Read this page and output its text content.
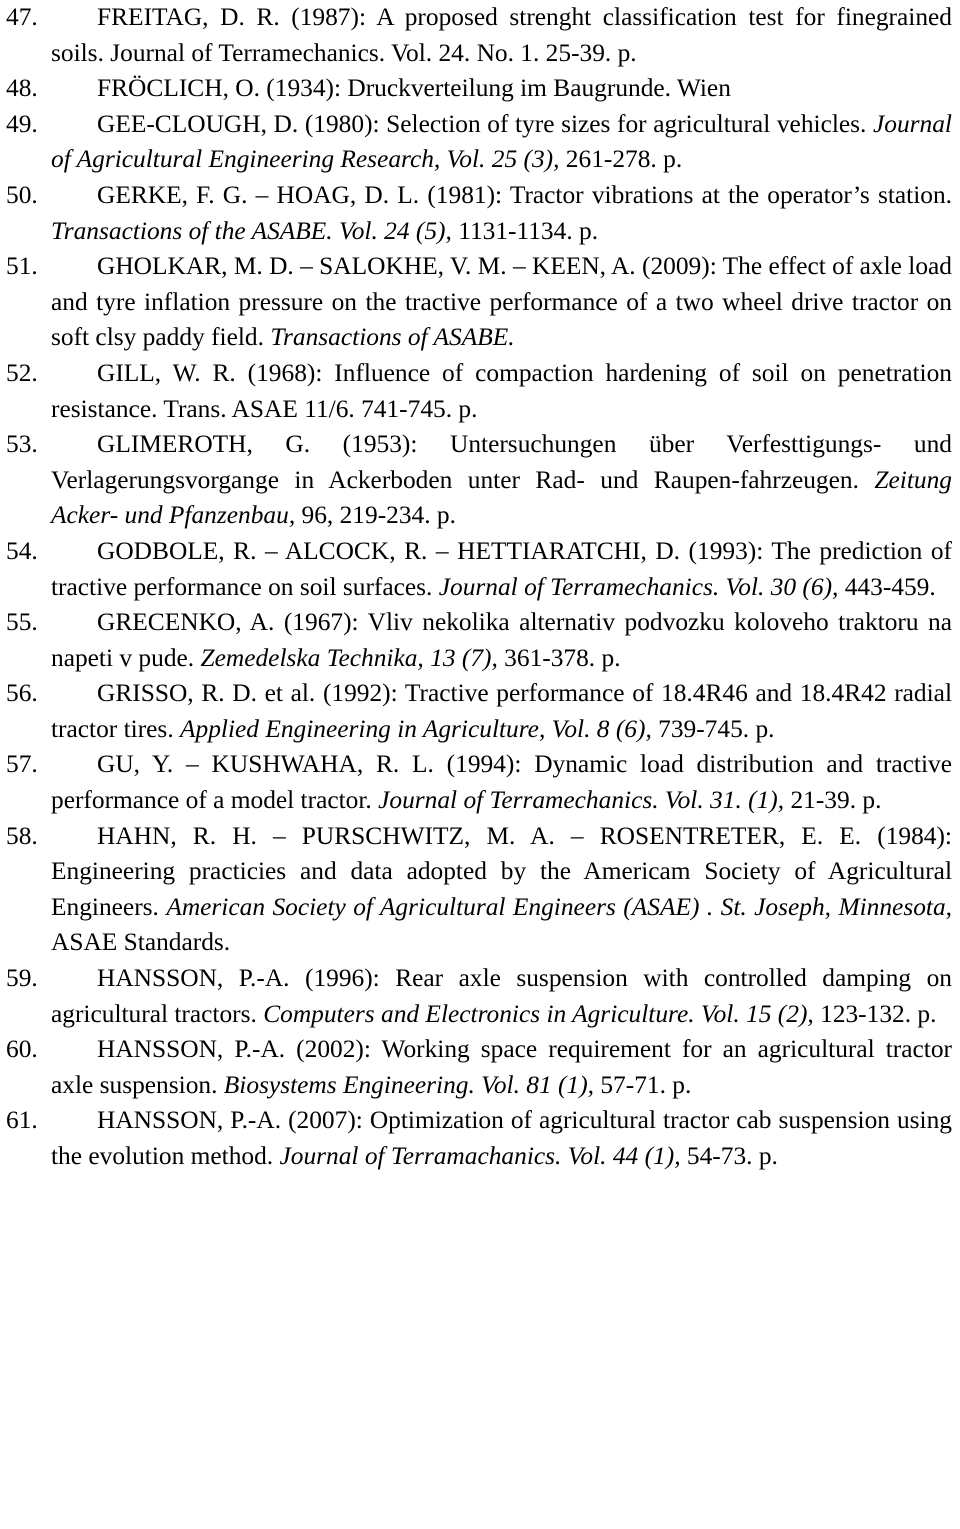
47.	FREITAG, D. R. (1987): A proposed strenght classification test for finegrained soils. Journal of Terramechanics. Vol. 24. No. 1. 25-39. p.

48.	FRÖCLICH, O. (1934): Druckverteilung im Baugrunde. Wien

49.	GEE-CLOUGH, D. (1980): Selection of tyre sizes for agricultural vehicles. Journal of Agricultural Engineering Research, Vol. 25 (3), 261-278. p.

50.	GERKE, F. G. – HOAG, D. L. (1981): Tractor vibrations at the operator’s station. Transactions of the ASABE. Vol. 24 (5), 1131-1134. p.

51.	GHOLKAR, M. D. – SALOKHE, V. M. – KEEN, A. (2009): The effect of axle load and tyre inflation pressure on the tractive performance of a two wheel drive tractor on soft clsy paddy field. Transactions of ASABE.

52.	GILL, W. R. (1968): Influence of compaction hardening of soil on penetration resistance. Trans. ASAE 11/6. 741-745. p.

53.	GLIMEROTH, G. (1953): Untersuchungen über Verfesttigungs- und Verlagerungsvorgange in Ackerboden unter Rad- und Raupen-fahrzeugen. Zeitung Acker- und Pfanzenbau, 96, 219-234. p.

54.	GODBOLE, R. – ALCOCK, R. – HETTIARATCHI, D. (1993): The prediction of tractive performance on soil surfaces. Journal of Terramechanics. Vol. 30 (6), 443-459.

55.	GRECENKO, A. (1967): Vliv nekolika alternativ podvozku koloveho traktoru na napeti v pude. Zemedelska Technika, 13 (7), 361-378. p.

56.	GRISSO, R. D. et al. (1992): Tractive performance of 18.4R46 and 18.4R42 radial tractor tires. Applied Engineering in Agriculture, Vol. 8 (6), 739-745. p.

57.	GU, Y. – KUSHWAHA, R. L. (1994): Dynamic load distribution and tractive performance of a model tractor. Journal of Terramechanics. Vol. 31. (1), 21-39. p.

58.	HAHN, R. H. – PURSCHWITZ, M. A. – ROSENTRETER, E. E. (1984): Engineering practicies and data adopted by the Americam Society of Agricultural Engineers. American Society of Agricultural Engineers (ASAE) . St. Joseph, Minnesota, ASAE Standards.

59.	HANSSON, P.-A. (1996): Rear axle suspension with controlled damping on agricultural tractors. Computers and Electronics in Agriculture. Vol. 15 (2), 123-132. p.

60.	HANSSON, P.-A. (2002): Working space requirement for an agricultural tractor axle suspension. Biosystems Engineering. Vol. 81 (1), 57-71. p.

61.	HANSSON, P.-A. (2007): Optimization of agricultural tractor cab suspension using the evolution method. Journal of Terramachanics. Vol. 44 (1), 54-73. p.
